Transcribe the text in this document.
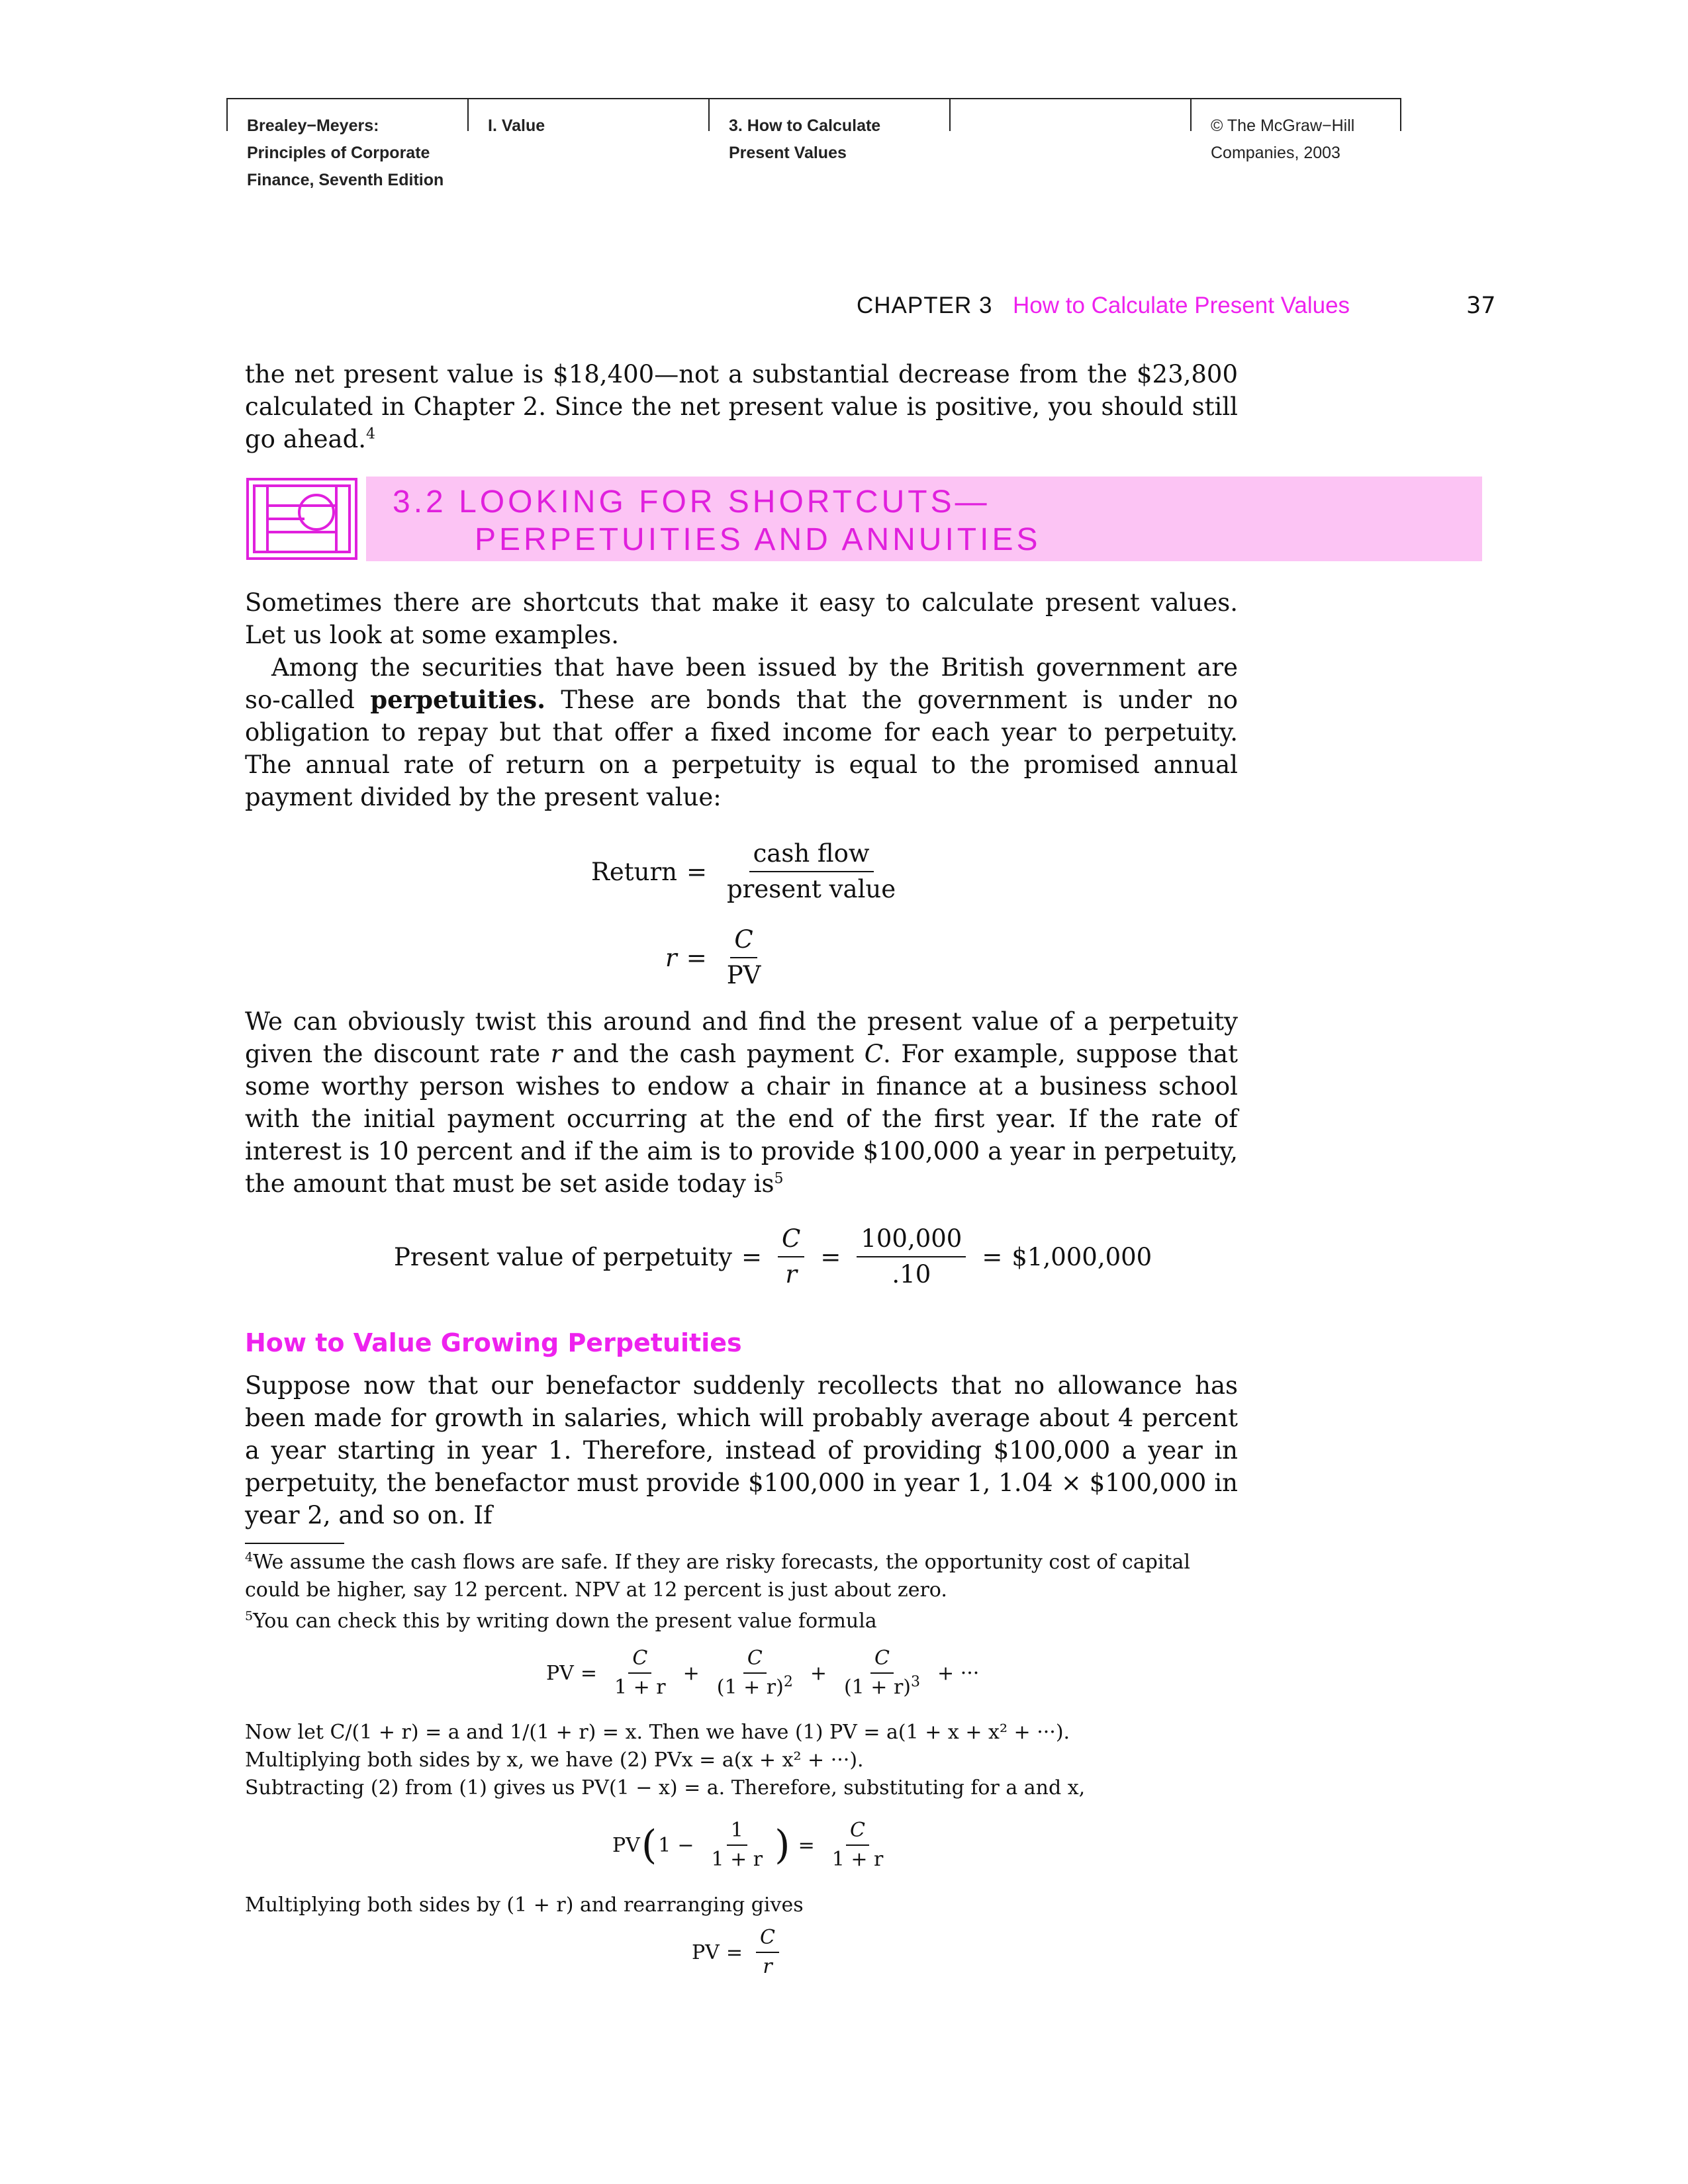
Brealey−Meyers:
Principles of Corporate
Finance, Seventh Edition
I. Value	3. How to Calculate
Present Values
© The McGraw−Hill
Companies, 2003
CHAPTER 3 How to Calculate Present Values	37

the net present value is $18,400—not a substantial decrease from the $23,800 calculated in Chapter 2. Since the net present value is positive, you should still go ahead.$^4$

3.2 LOOKING FOR SHORTCUTS—
PERPETUITIES AND ANNUITIES

Sometimes there are shortcuts that make it easy to calculate present values. Let us look at some examples.

Among the securities that have been issued by the British government are so-called perpetuities. These are bonds that the government is under no obligation to repay but that offer a fixed income for each year to perpetuity. The annual rate of return on a perpetuity is equal to the promised annual payment divided by the present value:

Return = $\frac{\text{cash flow}}{\text{present value}}$
$r = \frac{C}{PV}$

We can obviously twist this around and find the present value of a perpetuity given the discount rate r and the cash payment C. For example, suppose that some worthy person wishes to endow a chair in finance at a business school with the initial payment occurring at the end of the first year. If the rate of interest is 10 percent and if the aim is to provide $100,000 a year in perpetuity, the amount that must be set aside today $is^5$

Present value of perpetuity = $\frac{C}{r} = \frac{100,000}{.10}$ = $1,000,000
How to Value Growing Perpetuities

Suppose now that our benefactor suddenly recollects that no allowance has been made for growth in salaries, which will probably average about 4 percent a year starting in year 1. Therefore, instead of providing $100,000 a year in perpetuity, the benefactor must provide $100,000 in year 1, 1.04 × $100,000 in year 2, and so on. If

$^4$We assume the cash flows are safe. If they are risky forecasts, the opportunity cost of capital could be higher, say 12 percent. NPV at 12 percent is just about zero.

$^5$You can check this by writing down the present value formula

PV = $\frac{C}{1 + r} + \frac{C}{(1 + r)^2} + \frac{C}{(1 + r)^3}$ + ···

Now let C/(1 + r) = a and 1/(1 + r) = x. Then we have (1) PV = a(1 + x + x² + ···).

Multiplying both sides by x, we have (2) PVx = a(x + x² + ···).

Subtracting (2) from (1) gives us PV(1 − x) = a. Therefore, substituting for a and x,

PV ( $1 - \frac{1}{1 + r}$ ) = $\frac{C}{1 + r}$

Multiplying both sides by (1 + r) and rearranging gives

PV = $\frac{C}{r}$
